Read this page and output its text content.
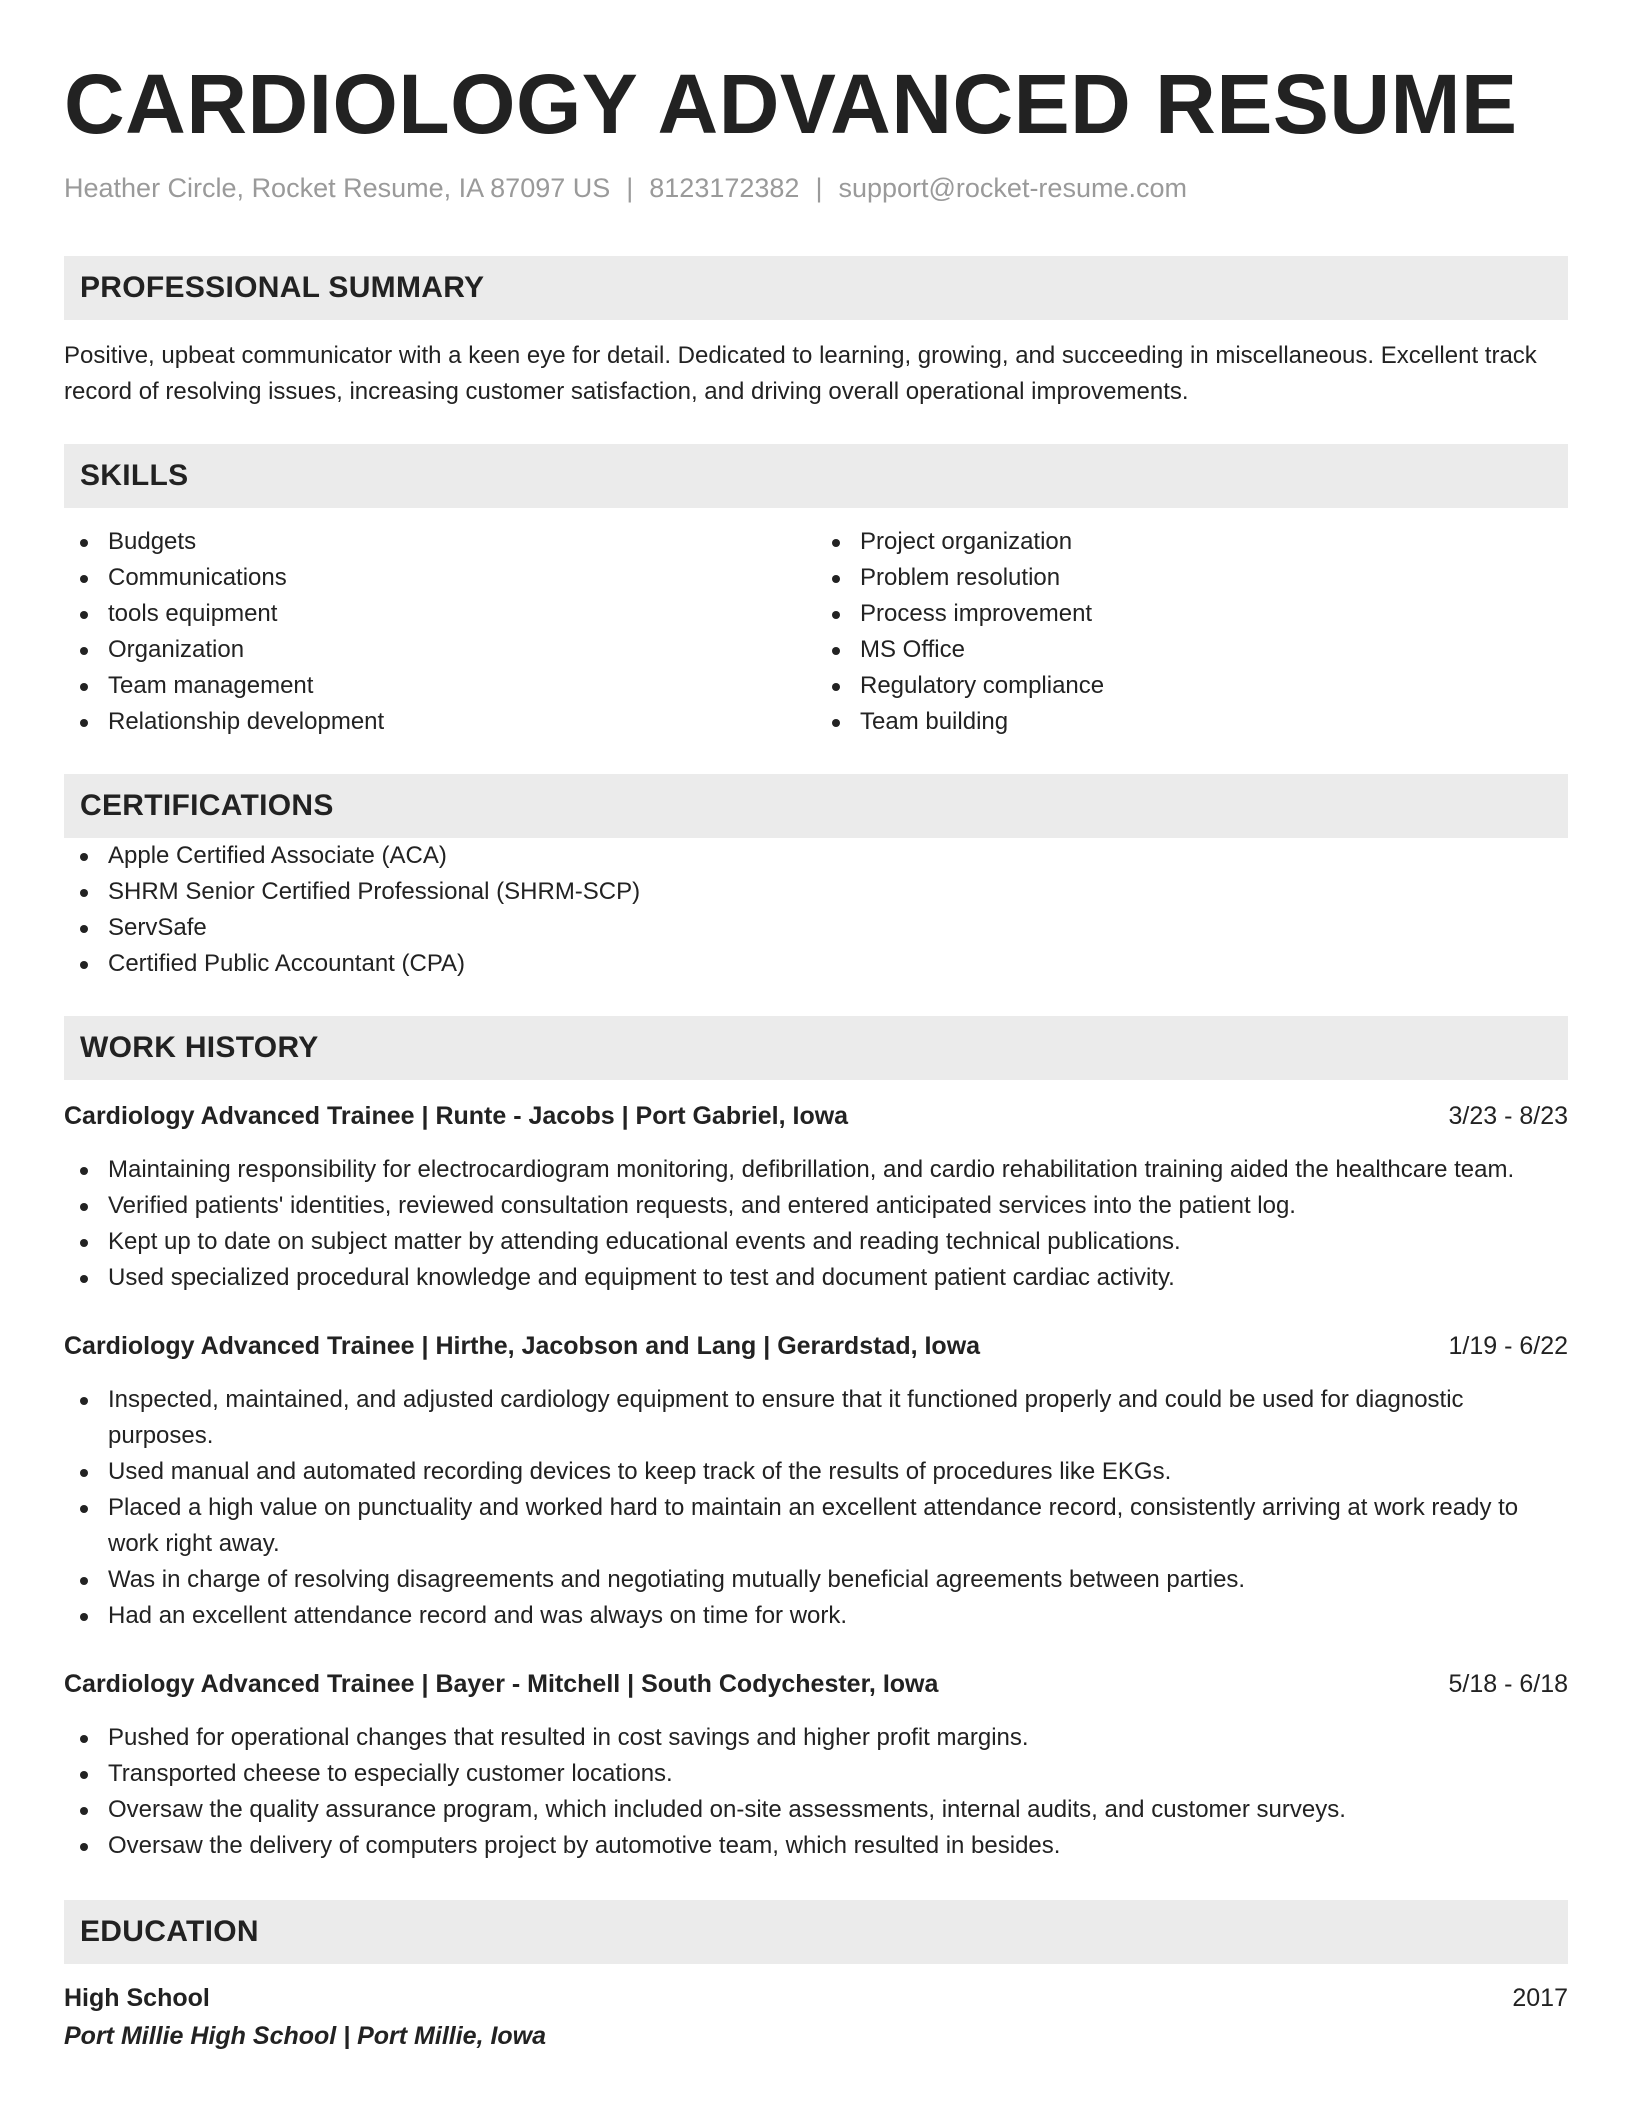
CARDIOLOGY ADVANCED RESUME
Heather Circle, Rocket Resume, IA 87097 US | 8123172382 | support@rocket-resume.com
PROFESSIONAL SUMMARY

Positive, upbeat communicator with a keen eye for detail. Dedicated to learning, growing, and succeeding in miscellaneous. Excellent track record of resolving issues, increasing customer satisfaction, and driving overall operational improvements.

SKILLS
Budgets
Communications
tools equipment
Organization
Team management
Relationship development
Project organization
Problem resolution
Process improvement
MS Office
Regulatory compliance
Team building
CERTIFICATIONS
Apple Certified Associate (ACA)
SHRM Senior Certified Professional (SHRM-SCP)
ServSafe
Certified Public Accountant (CPA)
WORK HISTORY
Cardiology Advanced Trainee | Runte - Jacobs | Port Gabriel, Iowa	3/23 - 8/23
Maintaining responsibility for electrocardiogram monitoring, defibrillation, and cardio rehabilitation training aided the healthcare team.
Verified patients' identities, reviewed consultation requests, and entered anticipated services into the patient log.
Kept up to date on subject matter by attending educational events and reading technical publications.
Used specialized procedural knowledge and equipment to test and document patient cardiac activity.
Cardiology Advanced Trainee | Hirthe, Jacobson and Lang | Gerardstad, Iowa	1/19 - 6/22
Inspected, maintained, and adjusted cardiology equipment to ensure that it functioned properly and could be used for diagnostic purposes.
Used manual and automated recording devices to keep track of the results of procedures like EKGs.
Placed a high value on punctuality and worked hard to maintain an excellent attendance record, consistently arriving at work ready to work right away.
Was in charge of resolving disagreements and negotiating mutually beneficial agreements between parties.
Had an excellent attendance record and was always on time for work.
Cardiology Advanced Trainee | Bayer - Mitchell | South Codychester, Iowa	5/18 - 6/18
Pushed for operational changes that resulted in cost savings and higher profit margins.
Transported cheese to especially customer locations.
Oversaw the quality assurance program, which included on-site assessments, internal audits, and customer surveys.
Oversaw the delivery of computers project by automotive team, which resulted in besides.
EDUCATION
High School	2017
Port Millie High School | Port Millie, Iowa
